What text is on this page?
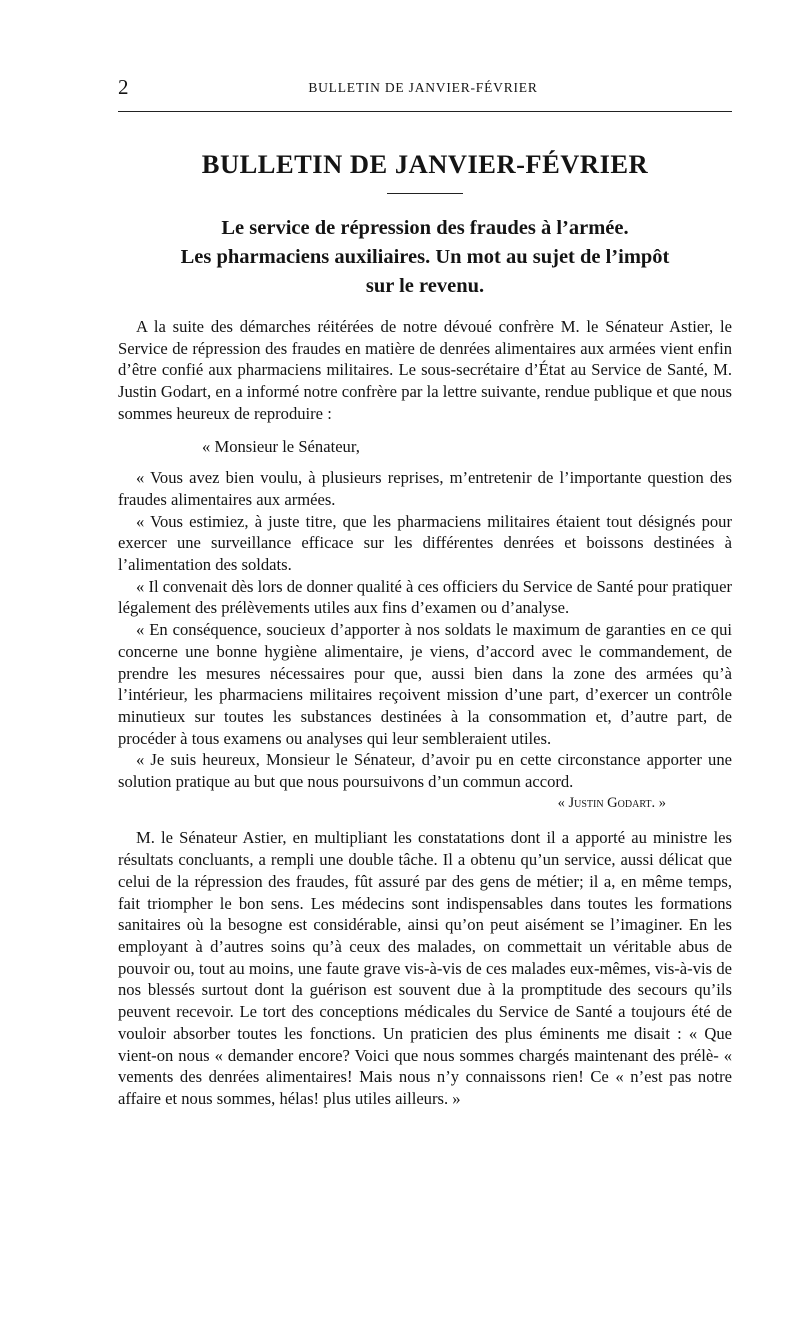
2	BULLETIN DE JANVIER-FÉVRIER
BULLETIN DE JANVIER-FÉVRIER
Le service de répression des fraudes à l’armée.
Les pharmaciens auxiliaires. Un mot au sujet de l’impôt
sur le revenu.

A la suite des démarches réitérées de notre dévoué confrère M. le Sénateur Astier, le Service de répression des fraudes en matière de denrées alimentaires aux armées vient enfin d’être confié aux pharmaciens militaires. Le sous-secrétaire d’État au Service de Santé, M. Justin Godart, en a informé notre confrère par la lettre suivante, rendue publique et que nous sommes heureux de reproduire :

« Monsieur le Sénateur,

« Vous avez bien voulu, à plusieurs reprises, m’entretenir de l’importante question des fraudes alimentaires aux armées.

« Vous estimiez, à juste titre, que les pharmaciens militaires étaient tout désignés pour exercer une surveillance efficace sur les différentes denrées et boissons destinées à l’alimentation des soldats.

« Il convenait dès lors de donner qualité à ces officiers du Service de Santé pour pratiquer légalement des prélèvements utiles aux fins d’examen ou d’analyse.

« En conséquence, soucieux d’apporter à nos soldats le maximum de garanties en ce qui concerne une bonne hygiène alimentaire, je viens, d’accord avec le commandement, de prendre les mesures nécessaires pour que, aussi bien dans la zone des armées qu’à l’intérieur, les pharmaciens militaires reçoivent mission d’une part, d’exercer un contrôle minutieux sur toutes les substances destinées à la consommation et, d’autre part, de procéder à tous examens ou analyses qui leur sembleraient utiles.

« Je suis heureux, Monsieur le Sénateur, d’avoir pu en cette circonstance apporter une solution pratique au but que nous poursuivons d’un commun accord.

« Justin Godart. »

M. le Sénateur Astier, en multipliant les constatations dont il a apporté au ministre les résultats concluants, a rempli une double tâche. Il a obtenu qu’un service, aussi délicat que celui de la répression des fraudes, fût assuré par des gens de métier; il a, en même temps, fait triompher le bon sens. Les médecins sont indispensables dans toutes les formations sanitaires où la besogne est considérable, ainsi qu’on peut aisément se l’imaginer. En les employant à d’autres soins qu’à ceux des malades, on commettait un véritable abus de pouvoir ou, tout au moins, une faute grave vis-à-vis de ces malades eux-mêmes, vis-à-vis de nos blessés surtout dont la guérison est souvent due à la promptitude des secours qu’ils peuvent recevoir. Le tort des conceptions médicales du Service de Santé a toujours été de vouloir absorber toutes les fonctions. Un praticien des plus éminents me disait : « Que vient-on nous « demander encore? Voici que nous sommes chargés maintenant des prélè- « vements des denrées alimentaires! Mais nous n’y connaissons rien! Ce « n’est pas notre affaire et nous sommes, hélas! plus utiles ailleurs. »
